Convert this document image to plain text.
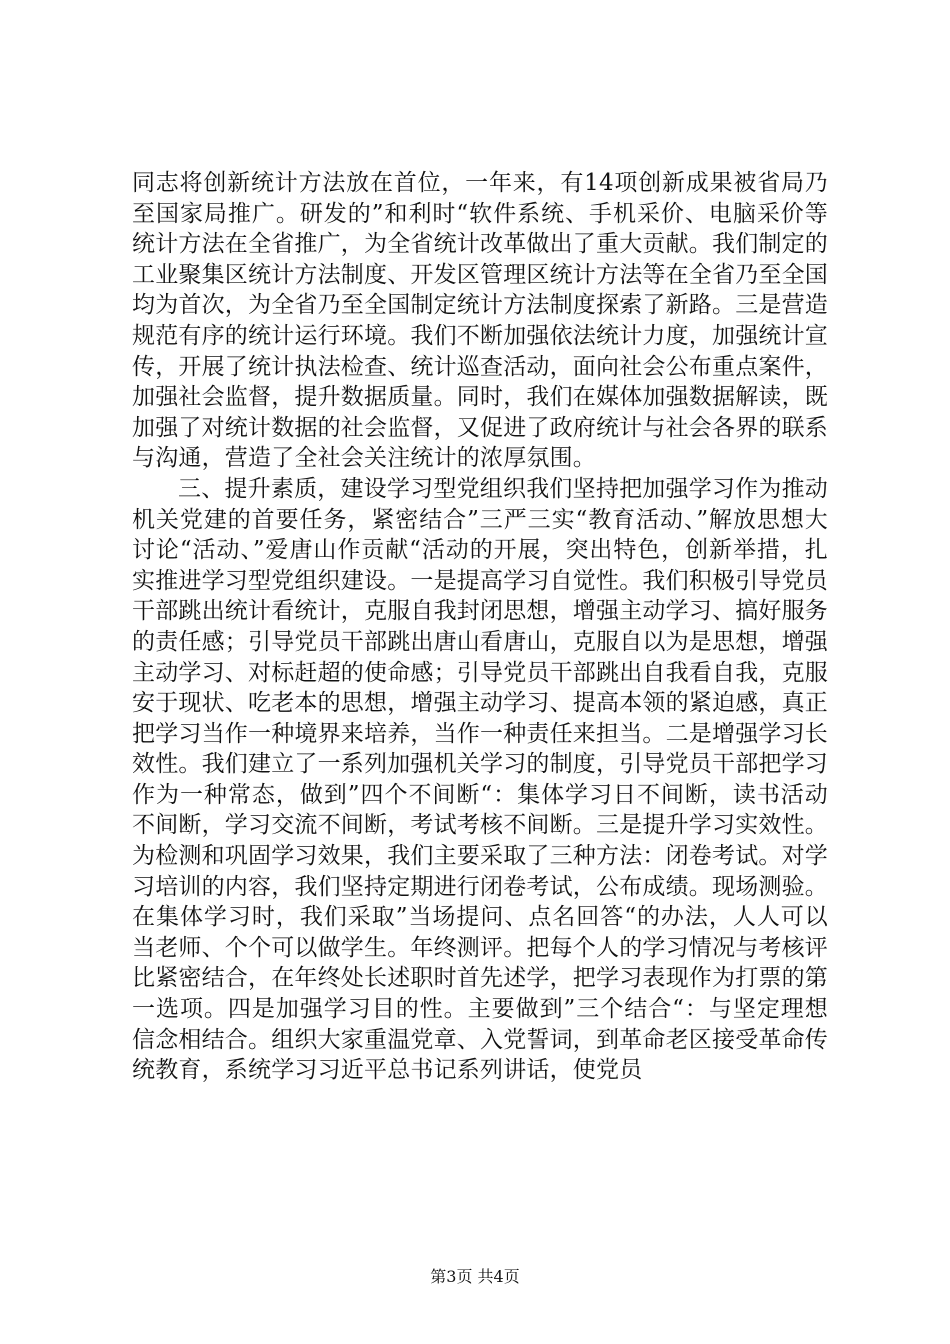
同志将创新统计方法放在首位，一年来，有14项创新成果被省局乃至国家局推广。研发的”和利时“软件系统、手机采价、电脑采价等统计方法在全省推广，为全省统计改革做出了重大贡献。我们制定的工业聚集区统计方法制度、开发区管理区统计方法等在全省乃至全国均为首次，为全省乃至全国制定统计方法制度探索了新路。三是营造规范有序的统计运行环境。我们不断加强依法统计力度，加强统计宣传，开展了统计执法检查、统计巡查活动，面向社会公布重点案件，加强社会监督，提升数据质量。同时，我们在媒体加强数据解读，既加强了对统计数据的社会监督，又促进了政府统计与社会各界的联系与沟通，营造了全社会关注统计的浓厚氛围。

三、提升素质，建设学习型党组织我们坚持把加强学习作为推动机关党建的首要任务，紧密结合”三严三实“教育活动、”解放思想大讨论“活动、”爱唐山作贡献“活动的开展，突出特色，创新举措，扎实推进学习型党组织建设。一是提高学习自觉性。我们积极引导党员干部跳出统计看统计，克服自我封闭思想，增强主动学习、搞好服务的责任感；引导党员干部跳出唐山看唐山，克服自以为是思想，增强主动学习、对标赶超的使命感；引导党员干部跳出自我看自我，克服安于现状、吃老本的思想，增强主动学习、提高本领的紧迫感，真正把学习当作一种境界来培养，当作一种责任来担当。二是增强学习长效性。我们建立了一系列加强机关学习的制度，引导党员干部把学习作为一种常态，做到”四个不间断“：集体学习日不间断，读书活动不间断，学习交流不间断，考试考核不间断。三是提升学习实效性。为检测和巩固学习效果，我们主要采取了三种方法：闭卷考试。对学习培训的内容，我们坚持定期进行闭卷考试，公布成绩。现场测验。在集体学习时，我们采取”当场提问、点名回答“的办法，人人可以当老师、个个可以做学生。年终测评。把每个人的学习情况与考核评比紧密结合，在年终处长述职时首先述学，把学习表现作为打票的第一选项。四是加强学习目的性。主要做到”三个结合“：与坚定理想信念相结合。组织大家重温党章、入党誓词，到革命老区接受革命传统教育，系统学习习近平总书记系列讲话，使党员

第3页 共4页
